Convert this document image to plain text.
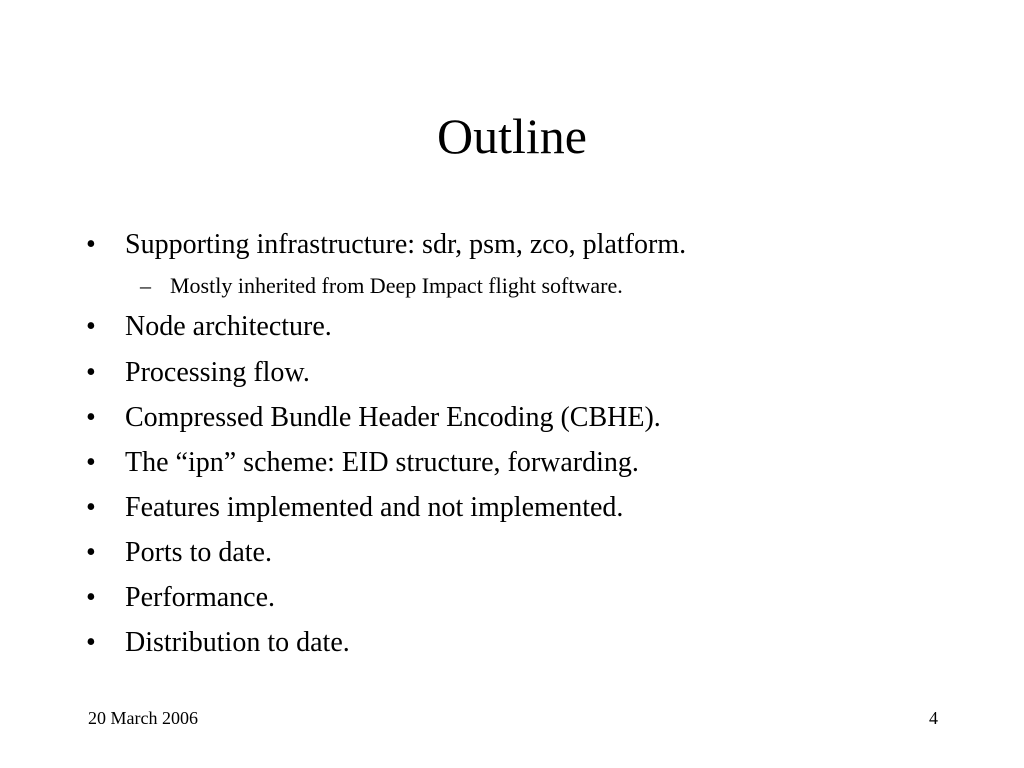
Outline
• Supporting infrastructure: sdr, psm, zco, platform.
– Mostly inherited from Deep Impact flight software.
• Node architecture.
• Processing flow.
• Compressed Bundle Header Encoding (CBHE).
• The “ipn” scheme: EID structure, forwarding.
• Features implemented and not implemented.
• Ports to date.
• Performance.
• Distribution to date.
20 March 2006	4
